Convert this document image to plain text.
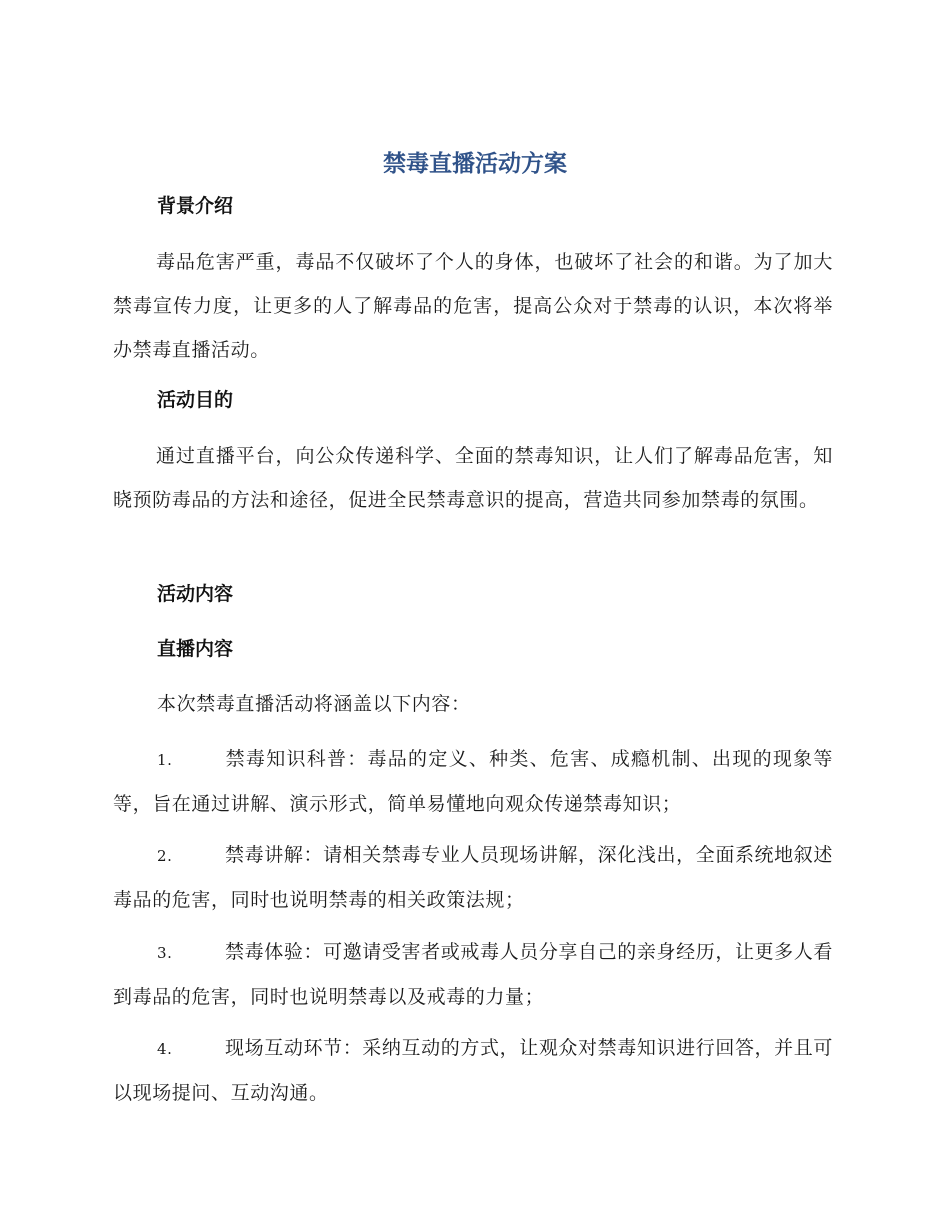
禁毒直播活动方案
背景介绍
毒品危害严重，毒品不仅破坏了个人的身体，也破坏了社会的和谐。为了加大禁毒宣传力度，让更多的人了解毒品的危害，提高公众对于禁毒的认识，本次将举办禁毒直播活动。
活动目的
通过直播平台，向公众传递科学、全面的禁毒知识，让人们了解毒品危害，知晓预防毒品的方法和途径，促进全民禁毒意识的提高，营造共同参加禁毒的氛围。
活动内容
直播内容
本次禁毒直播活动将涵盖以下内容：
1.	禁毒知识科普：毒品的定义、种类、危害、成瘾机制、出现的现象等等，旨在通过讲解、演示形式，简单易懂地向观众传递禁毒知识；
2.	禁毒讲解：请相关禁毒专业人员现场讲解，深化浅出，全面系统地叙述毒品的危害，同时也说明禁毒的相关政策法规；
3.	禁毒体验：可邀请受害者或戒毒人员分享自己的亲身经历，让更多人看到毒品的危害，同时也说明禁毒以及戒毒的力量；
4.	现场互动环节：采纳互动的方式，让观众对禁毒知识进行回答，并且可以现场提问、互动沟通。
